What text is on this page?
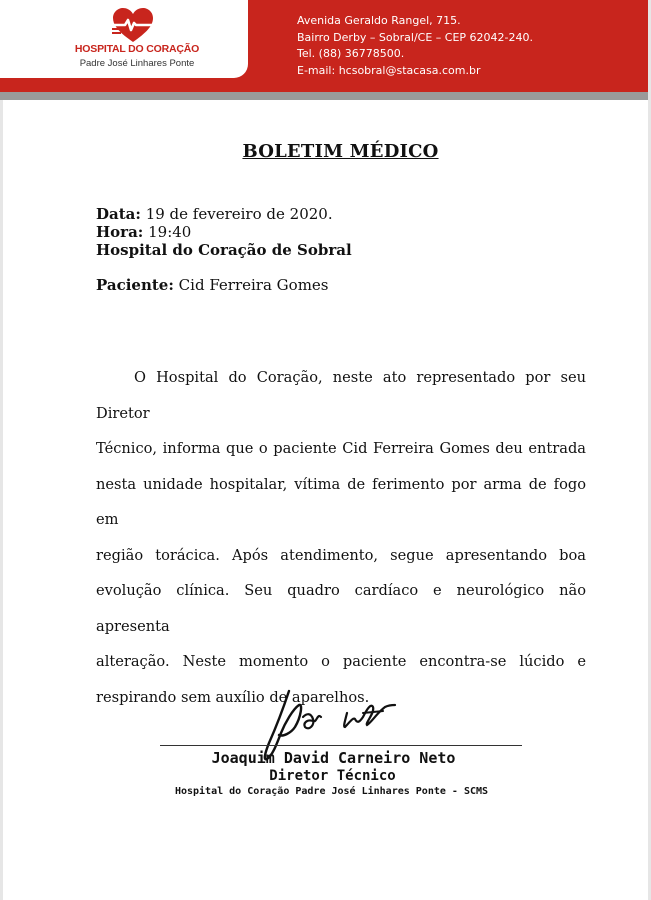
HOSPITAL DO CORAÇÃO
Padre José Linhares Ponte
Avenida Geraldo Rangel, 715.
Bairro Derby – Sobral/CE – CEP 62042-240.
Tel. (88) 36778500.
E-mail: hcsobral@stacasa.com.br
BOLETIM MÉDICO
Data: 19 de fevereiro de 2020.
Hora: 19:40
Hospital do Coração de Sobral
Paciente: Cid Ferreira Gomes
O Hospital do Coração, neste ato representado por seu Diretor
Técnico, informa que o paciente Cid Ferreira Gomes deu entrada
nesta unidade hospitalar, vítima de ferimento por arma de fogo em
região torácica. Após atendimento, segue apresentando boa
evolução clínica. Seu quadro cardíaco e neurológico não apresenta
alteração. Neste momento o paciente encontra-se lúcido e
respirando sem auxílio de aparelhos.
Joaquim David Carneiro Neto
Diretor Técnico
Hospital do Coração Padre José Linhares Ponte - SCMS
